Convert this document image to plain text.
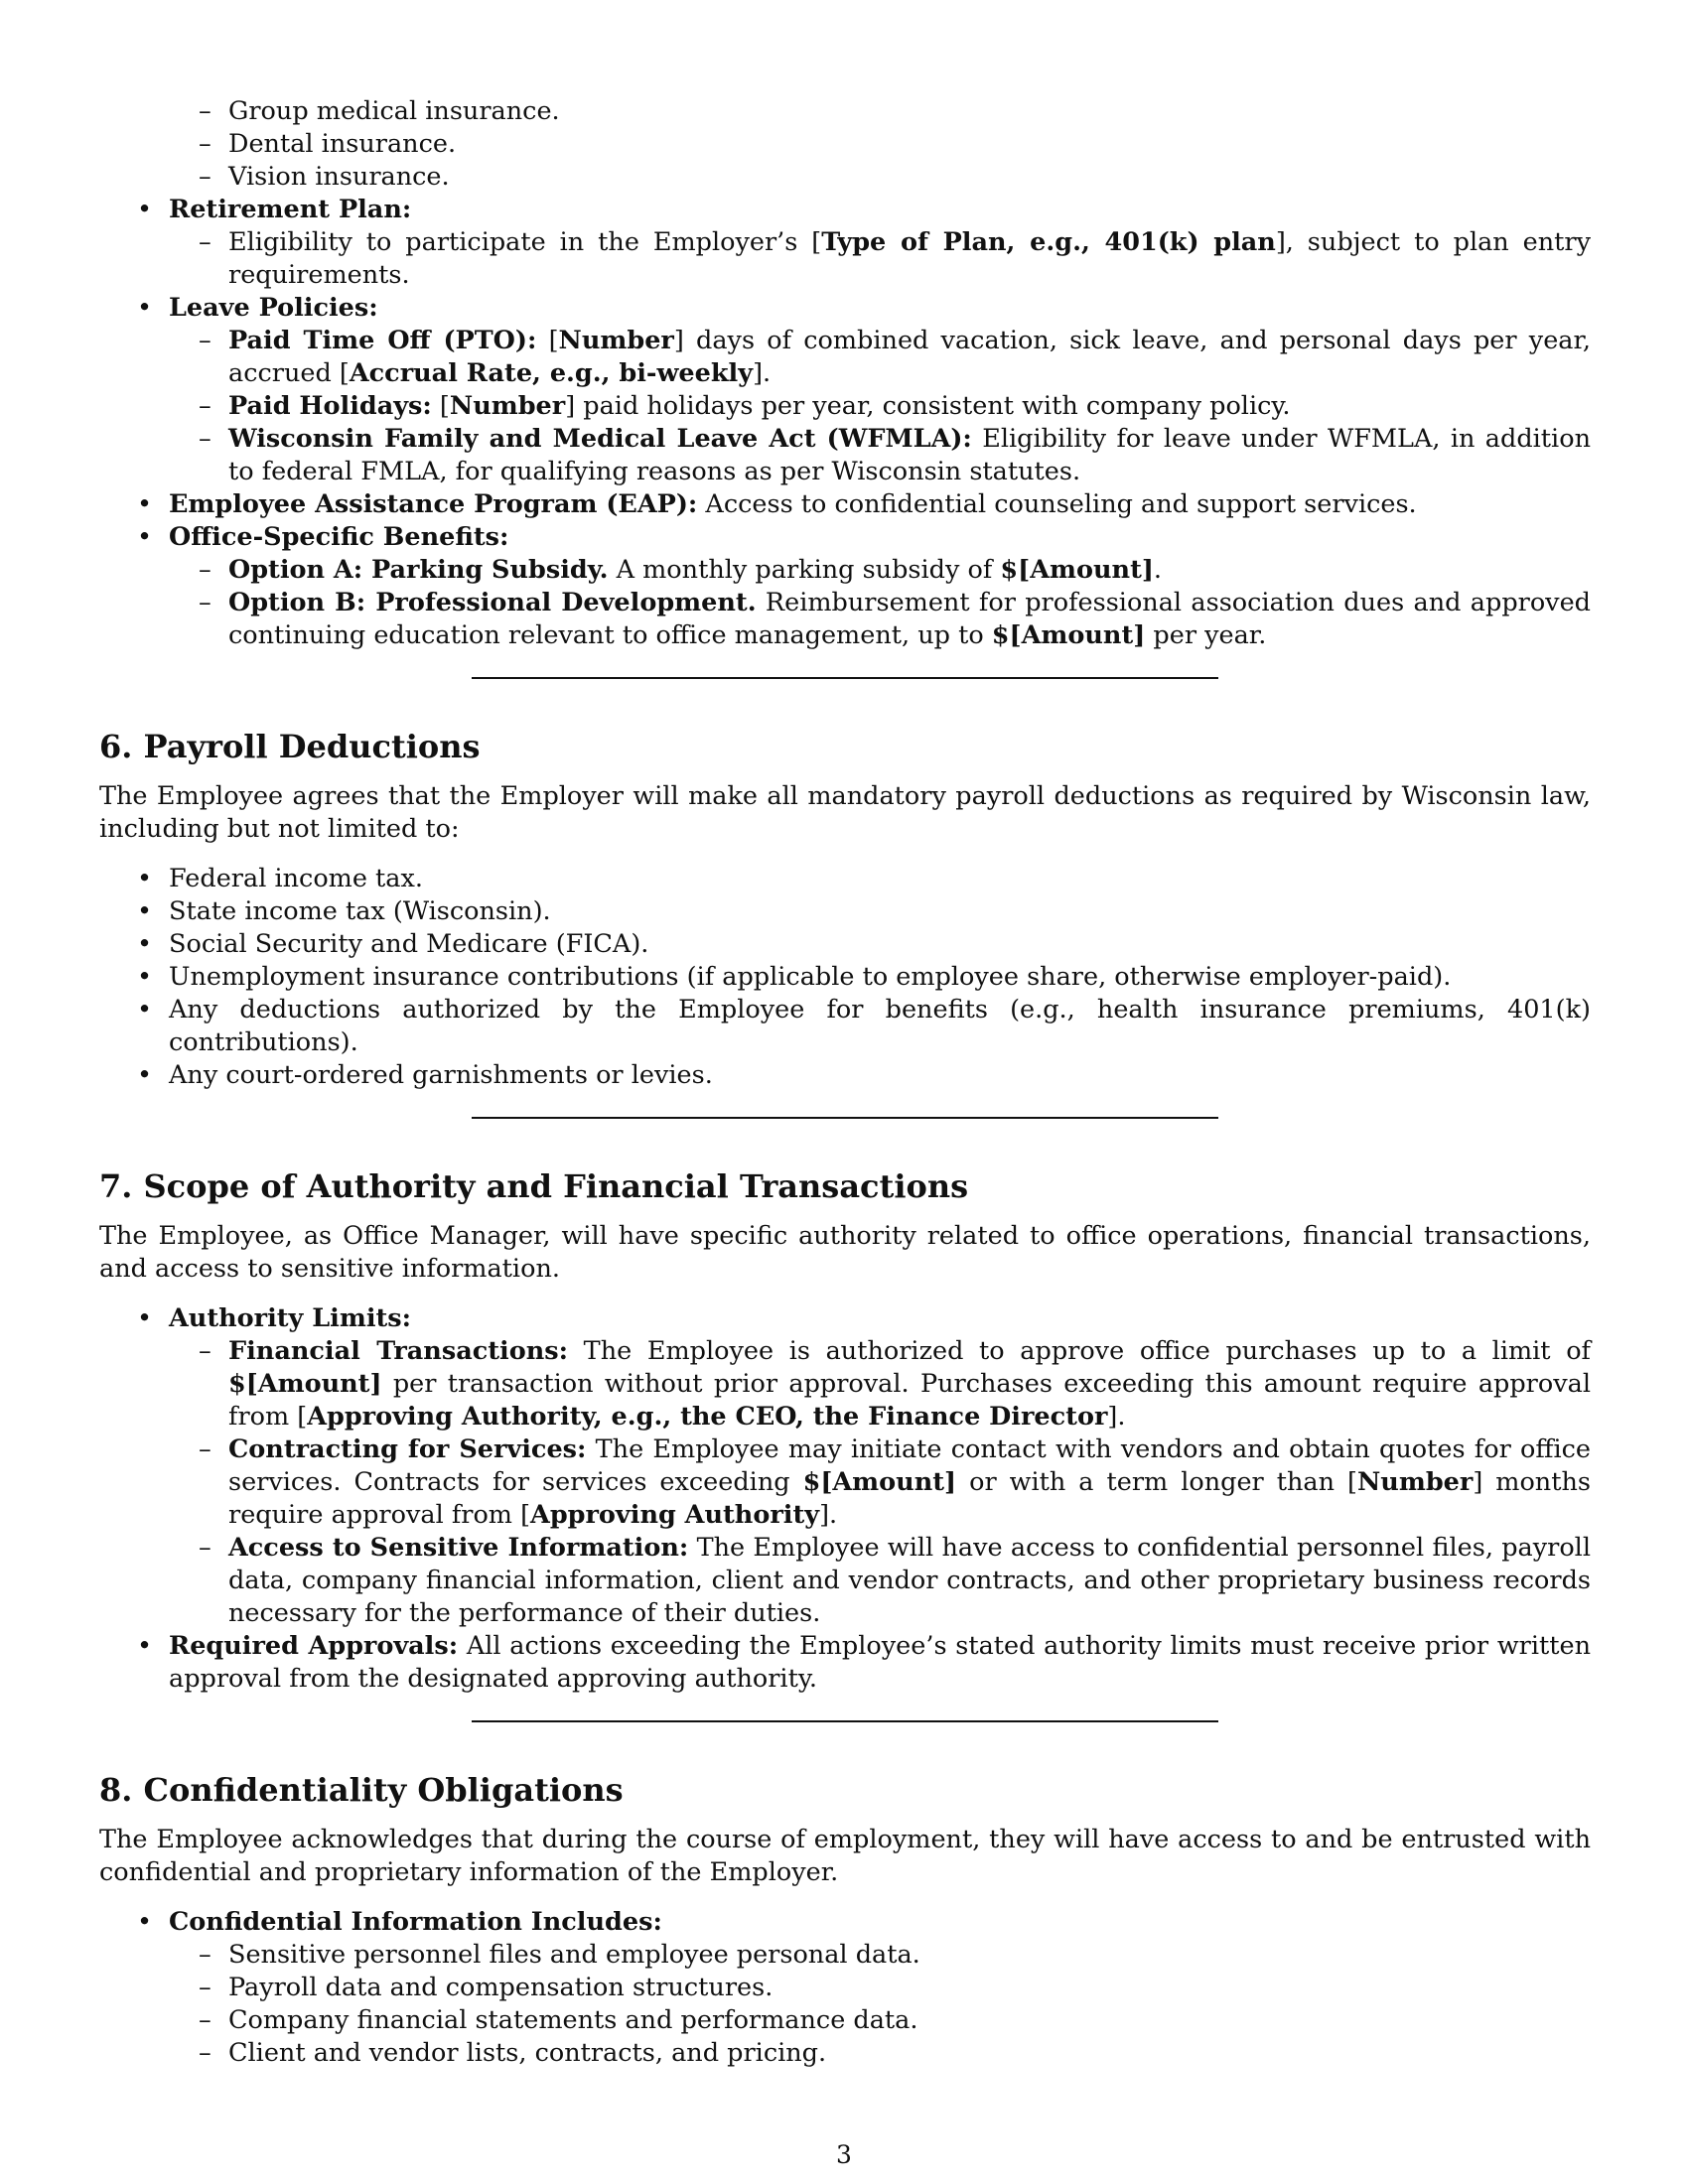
– Group medical insurance.
– Dental insurance.
– Vision insurance.
• Retirement Plan:
– Eligibility to participate in the Employer’s [Type of Plan, e.g., 401(k) plan], subject to plan entry requirements.
• Leave Policies:
– Paid Time Off (PTO): [Number] days of combined vacation, sick leave, and personal days per year, accrued [Accrual Rate, e.g., bi-weekly].
– Paid Holidays: [Number] paid holidays per year, consistent with company policy.
– Wisconsin Family and Medical Leave Act (WFMLA): Eligibility for leave under WFMLA, in addition to federal FMLA, for qualifying reasons as per Wisconsin statutes.
• Employee Assistance Program (EAP): Access to confidential counseling and support services.
• Office-Specific Benefits:
– Option A: Parking Subsidy. A monthly parking subsidy of $[Amount].
– Option B: Professional Development. Reimbursement for professional association dues and approved continuing education relevant to office management, up to $[Amount] per year.
6. Payroll Deductions

The Employee agrees that the Employer will make all mandatory payroll deductions as required by Wisconsin law, including but not limited to:

• Federal income tax.
• State income tax (Wisconsin).
• Social Security and Medicare (FICA).
• Unemployment insurance contributions (if applicable to employee share, otherwise employer-paid).
• Any deductions authorized by the Employee for benefits (e.g., health insurance premiums, 401(k) contributions).
• Any court-ordered garnishments or levies.
7. Scope of Authority and Financial Transactions

The Employee, as Office Manager, will have specific authority related to office operations, financial transactions, and access to sensitive information.

• Authority Limits:
– Financial Transactions: The Employee is authorized to approve office purchases up to a limit of $[Amount] per transaction without prior approval. Purchases exceeding this amount require approval from [Approving Authority, e.g., the CEO, the Finance Director].
– Contracting for Services: The Employee may initiate contact with vendors and obtain quotes for office services. Contracts for services exceeding $[Amount] or with a term longer than [Number] months require approval from [Approving Authority].
– Access to Sensitive Information: The Employee will have access to confidential personnel files, payroll data, company financial information, client and vendor contracts, and other proprietary business records necessary for the performance of their duties.
• Required Approvals: All actions exceeding the Employee’s stated authority limits must receive prior written approval from the designated approving authority.
8. Confidentiality Obligations

The Employee acknowledges that during the course of employment, they will have access to and be entrusted with confidential and proprietary information of the Employer.

• Confidential Information Includes:
– Sensitive personnel files and employee personal data.
– Payroll data and compensation structures.
– Company financial statements and performance data.
– Client and vendor lists, contracts, and pricing.
3
